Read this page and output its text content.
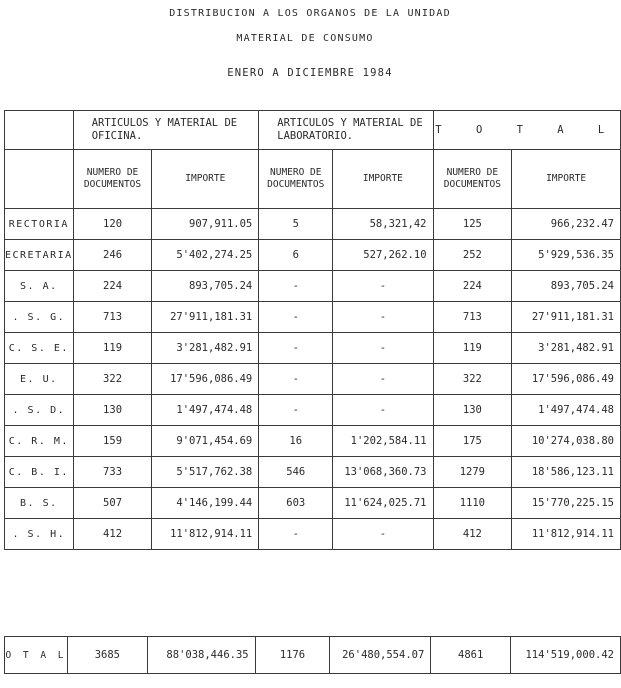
DISTRIBUCION A LOS ORGANOS DE LA UNIDAD
MATERIAL DE CONSUMO
ENERO A DICIEMBRE 1984
	ARTICULOS Y MATERIAL DE OFICINA.		ARTICULOS Y MATERIAL DE LABORATORIO.		T O T A L	
	NUMERO DE DOCUMENTOS	IMPORTE	NUMERO DE DOCUMENTOS	IMPORTE	NUMERO DE DOCUMENTOS	IMPORTE
RECTORIA	120	907,911.05	5	58,321,42	125	966,232.47
ECRETARIA	246	5'402,274.25	6	527,262.10	252	5'929,536.35
S. A.	224	893,705.24	-	-	224	893,705.24
. S. G.	713	27'911,181.31	-	-	713	27'911,181.31
C. S. E.	119	3'281,482.91	-	-	119	3'281,482.91
E. U.	322	17'596,086.49	-	-	322	17'596,086.49
. S. D.	130	1'497,474.48	-	-	130	1'497,474.48
C. R. M.	159	9'071,454.69	16	1'202,584.11	175	10'274,038.80
C. B. I.	733	5'517,762.38	546	13'068,360.73	1279	18'586,123.11
B. S.	507	4'146,199.44	603	11'624,025.71	1110	15'770,225.15
. S. H.	412	11'812,914.11	-	-	412	11'812,914.11
O T A L	3685	88'038,446.35	1176	26'480,554.07	4861	114'519,000.42
